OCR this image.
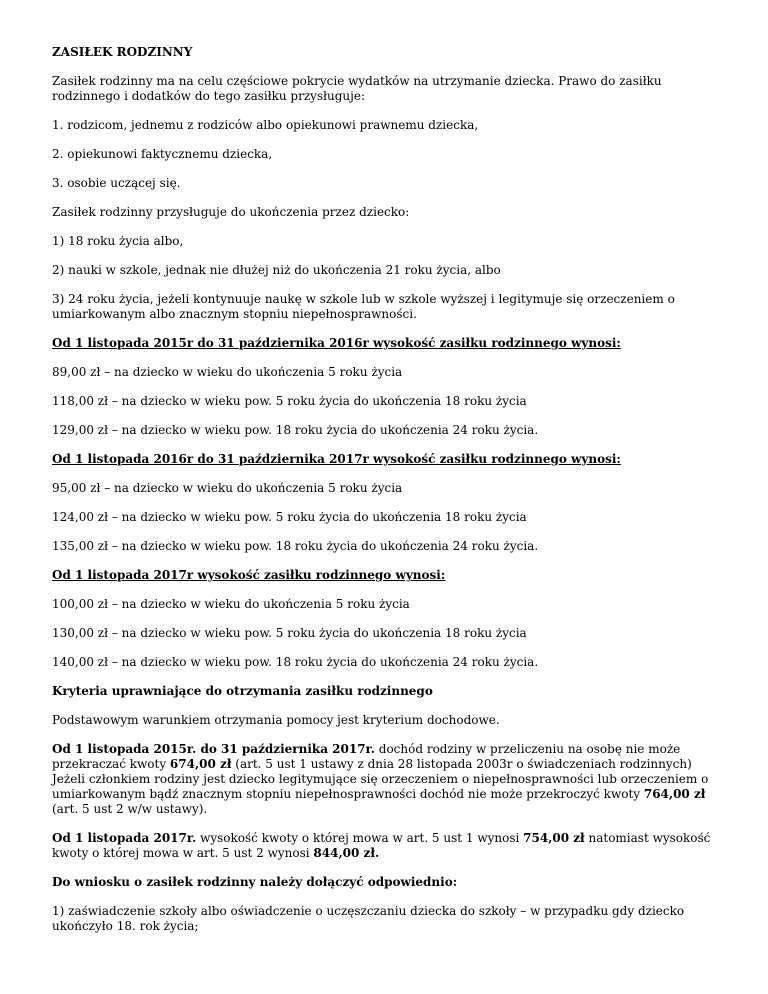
ZASIŁEK RODZINNY

Zasiłek rodzinny ma na celu częściowe pokrycie wydatków na utrzymanie dziecka. Prawo do zasiłku rodzinnego i dodatków do tego zasiłku przysługuje:

1. rodzicom, jednemu z rodziców albo opiekunowi prawnemu dziecka,

2. opiekunowi faktycznemu dziecka,

3. osobie uczącej się.

Zasiłek rodzinny przysługuje do ukończenia przez dziecko:

1) 18 roku życia albo,

2) nauki w szkole, jednak nie dłużej niż do ukończenia 21 roku życia, albo

3) 24 roku życia, jeżeli kontynuuje naukę w szkole lub w szkole wyższej i legitymuje się orzeczeniem o umiarkowanym albo znacznym stopniu niepełnosprawności.

Od 1 listopada 2015r do 31 października 2016r wysokość zasiłku rodzinnego wynosi:

89,00 zł – na dziecko w wieku do ukończenia 5 roku życia

118,00 zł – na dziecko w wieku pow. 5 roku życia do ukończenia 18 roku życia

129,00 zł – na dziecko w wieku pow. 18 roku życia do ukończenia 24 roku życia.

Od 1 listopada 2016r do 31 października 2017r wysokość zasiłku rodzinnego wynosi:

95,00 zł – na dziecko w wieku do ukończenia 5 roku życia

124,00 zł – na dziecko w wieku pow. 5 roku życia do ukończenia 18 roku życia

135,00 zł – na dziecko w wieku pow. 18 roku życia do ukończenia 24 roku życia.

Od 1 listopada 2017r wysokość zasiłku rodzinnego wynosi:

100,00 zł – na dziecko w wieku do ukończenia 5 roku życia

130,00 zł – na dziecko w wieku pow. 5 roku życia do ukończenia 18 roku życia

140,00 zł – na dziecko w wieku pow. 18 roku życia do ukończenia 24 roku życia.

Kryteria uprawniające do otrzymania zasiłku rodzinnego

Podstawowym warunkiem otrzymania pomocy jest kryterium dochodowe.

Od 1 listopada 2015r. do 31 października 2017r. dochód rodziny w przeliczeniu na osobę nie może przekraczać kwoty 674,00 zł (art. 5 ust 1 ustawy z dnia 28 listopada 2003r o świadczeniach rodzinnych) Jeżeli członkiem rodziny jest dziecko legitymujące się orzeczeniem o niepełnosprawności lub orzeczeniem o umiarkowanym bądź znacznym stopniu niepełnosprawności dochód nie może przekroczyć kwoty 764,00 zł (art. 5 ust 2 w/w ustawy).

Od 1 listopada 2017r. wysokość kwoty o której mowa w art. 5 ust 1 wynosi 754,00 zł natomiast wysokość kwoty o której mowa w art. 5 ust 2 wynosi 844,00 zł.

Do wniosku o zasiłek rodzinny należy dołączyć odpowiednio:

1) zaświadczenie szkoły albo oświadczenie o uczęszczaniu dziecka do szkoły – w przypadku gdy dziecko ukończyło 18. rok życia;
